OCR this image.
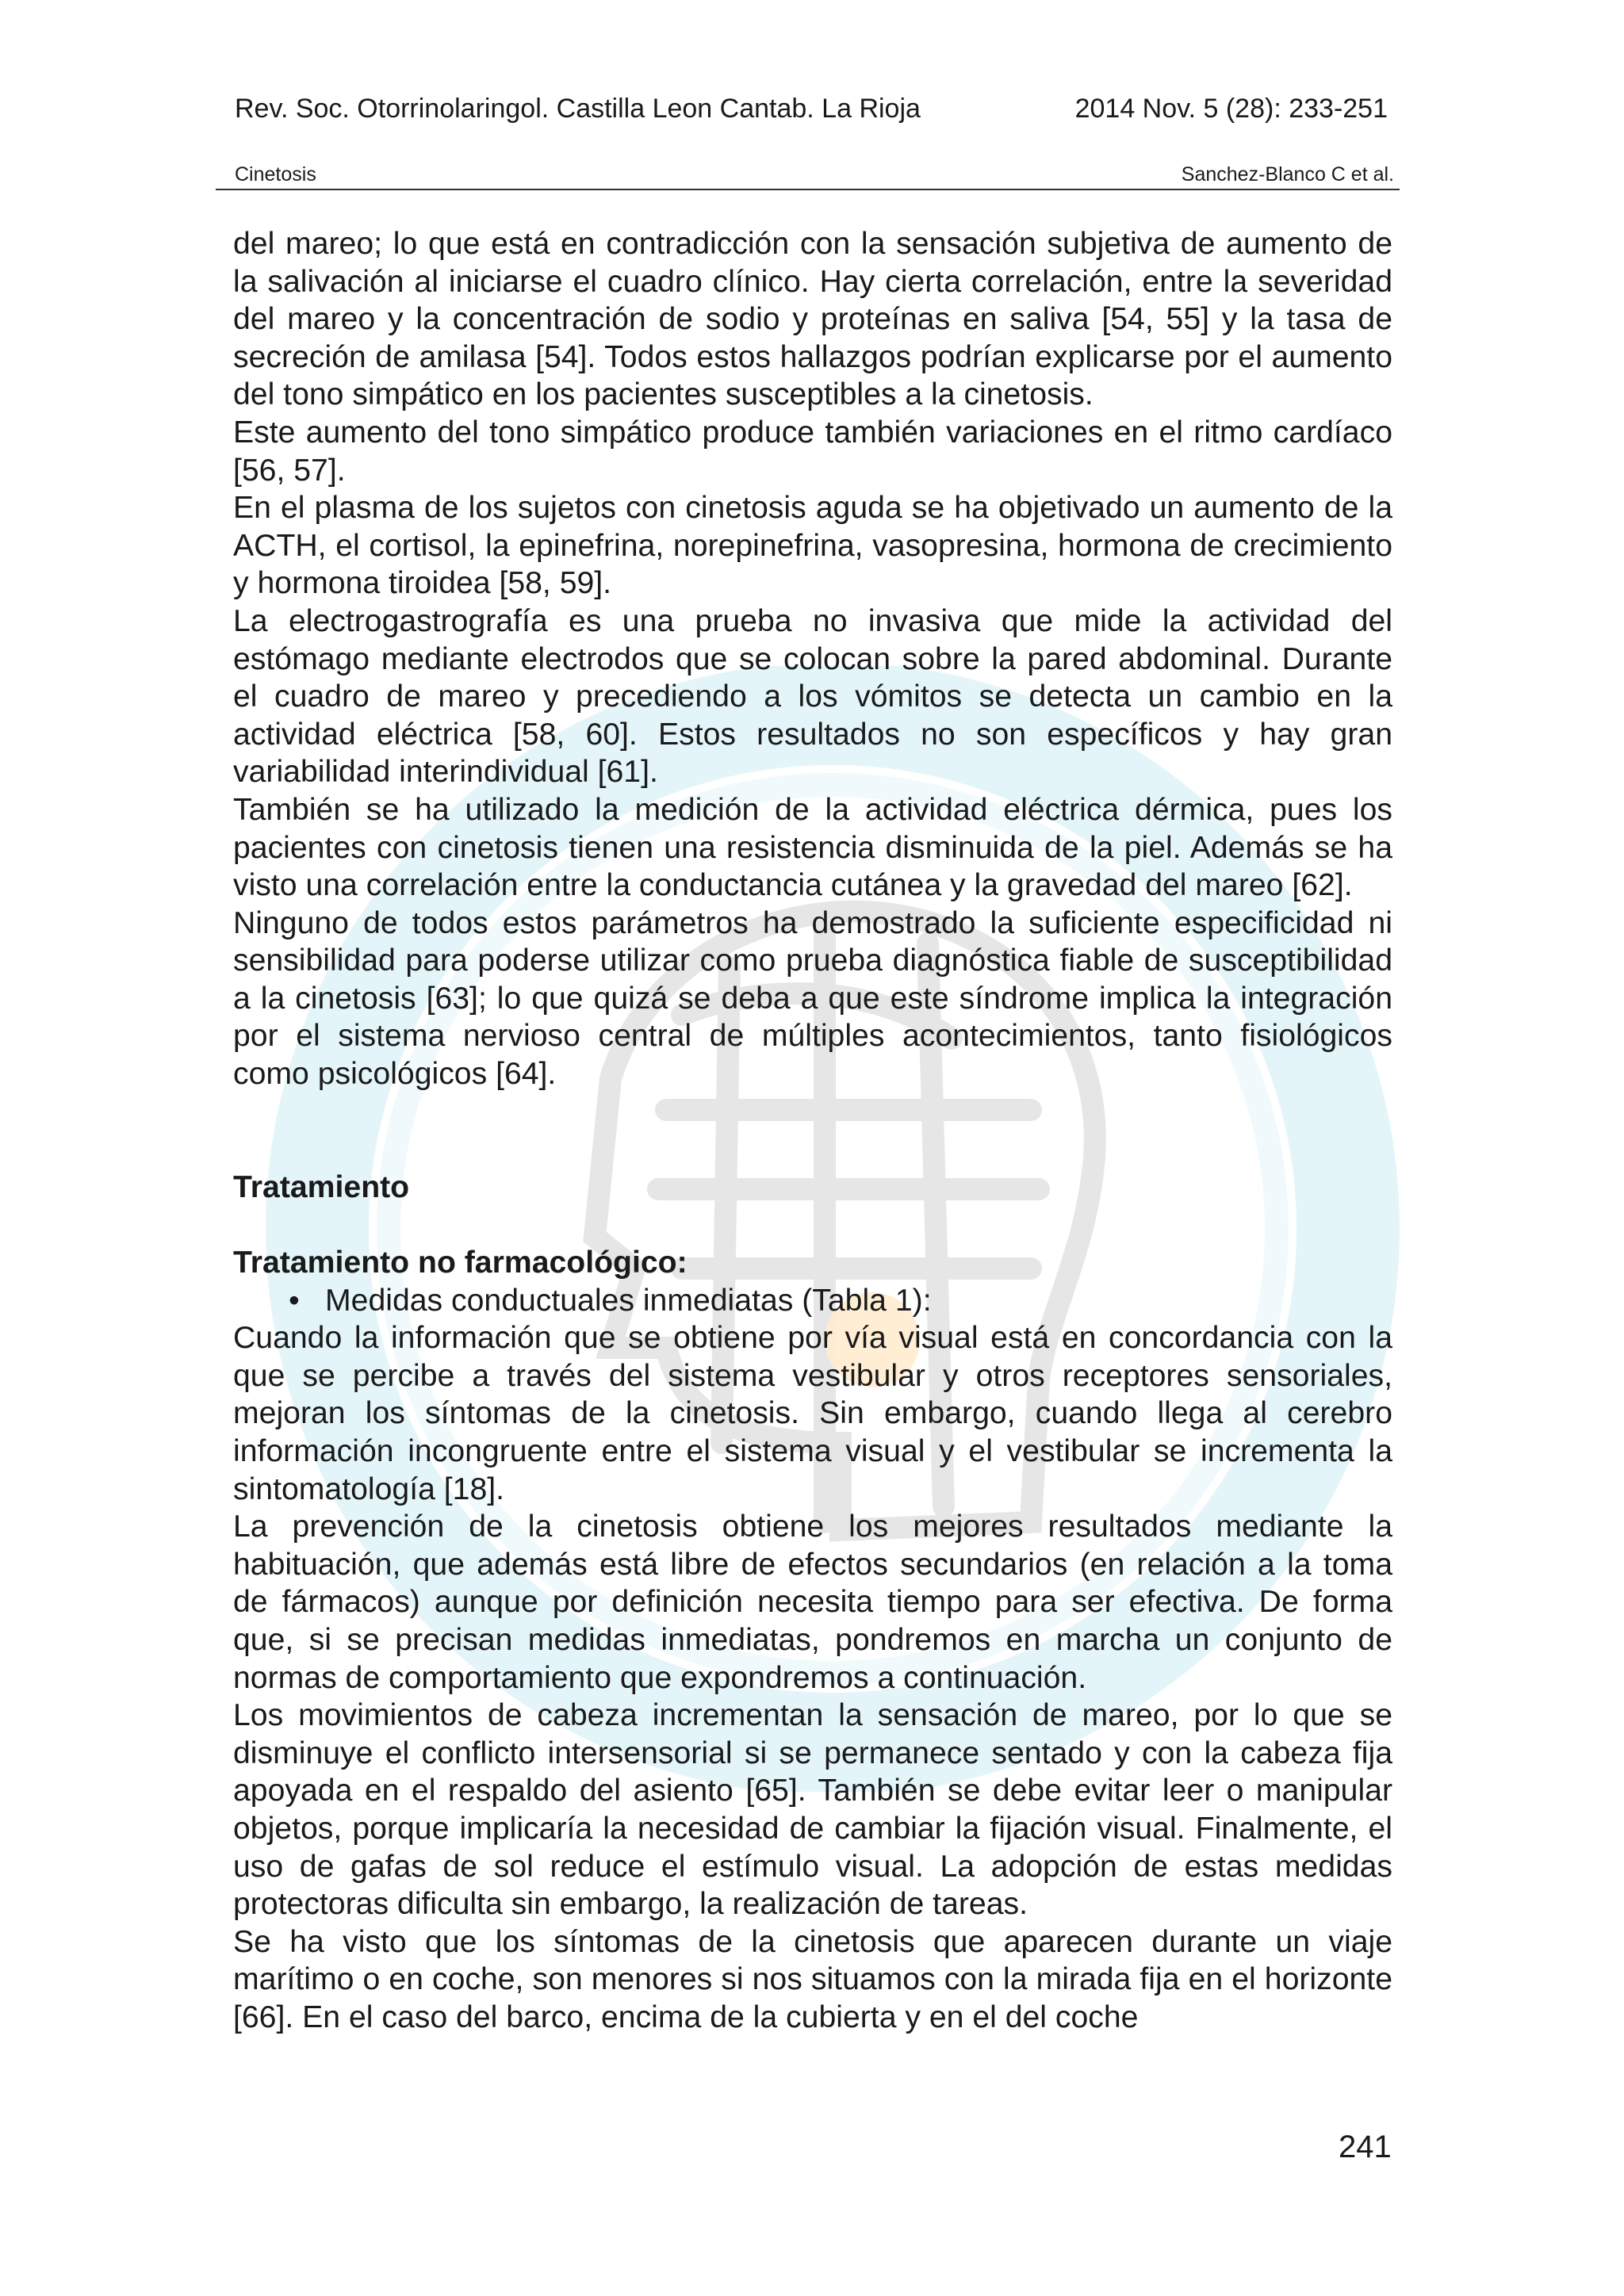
Rev. Soc. Otorrinolaringol. Castilla Leon Cantab. La Rioja	2014 Nov. 5 (28): 233-251
Cinetosis	Sanchez-Blanco C et al.

del mareo; lo que está en contradicción con la sensación subjetiva de aumento de la salivación al iniciarse el cuadro clínico. Hay cierta correlación, entre la severidad del mareo y la concentración de sodio y proteínas en saliva [54, 55] y la tasa de secreción de amilasa [54]. Todos estos hallazgos podrían explicarse por el aumento del tono simpático en los pacientes susceptibles a la cinetosis.

Este aumento del tono simpático produce también variaciones en el ritmo cardíaco [56, 57].

En el plasma de los sujetos con cinetosis aguda se ha objetivado un aumento de la ACTH, el cortisol, la epinefrina, norepinefrina, vasopresina, hormona de crecimiento y hormona tiroidea [58, 59].

La electrogastrografía es una prueba no invasiva que mide la actividad del estómago mediante electrodos que se colocan sobre la pared abdominal. Durante el cuadro de mareo y precediendo a los vómitos se detecta un cambio en la actividad eléctrica [58, 60]. Estos resultados no son específicos y hay gran variabilidad interindividual [61].

También se ha utilizado la medición de la actividad eléctrica dérmica, pues los pacientes con cinetosis tienen una resistencia disminuida de la piel. Además se ha visto una correlación entre la conductancia cutánea y la gravedad del mareo [62].

Ninguno de todos estos parámetros ha demostrado la suficiente especificidad ni sensibilidad para poderse utilizar como prueba diagnóstica fiable de susceptibilidad a la cinetosis [63]; lo que quizá se deba a que este síndrome implica la integración por el sistema nervioso central de múltiples acontecimientos, tanto fisiológicos como psicológicos [64].

Tratamiento

Tratamiento no farmacológico:

• Medidas conductuales inmediatas (Tabla 1):

Cuando la información que se obtiene por vía visual está en concordancia con la que se percibe a través del sistema vestibular y otros receptores sensoriales, mejoran los síntomas de la cinetosis. Sin embargo, cuando llega al cerebro información incongruente entre el sistema visual y el vestibular se incrementa la sintomatología [18].

La prevención de la cinetosis obtiene los mejores resultados mediante la habituación, que además está libre de efectos secundarios (en relación a la toma de fármacos) aunque por definición necesita tiempo para ser efectiva. De forma que, si se precisan medidas inmediatas, pondremos en marcha un conjunto de normas de comportamiento que expondremos a continuación.

Los movimientos de cabeza incrementan la sensación de mareo, por lo que se disminuye el conflicto intersensorial si se permanece sentado y con la cabeza fija apoyada en el respaldo del asiento [65]. También se debe evitar leer o manipular objetos, porque implicaría la necesidad de cambiar la fijación visual. Finalmente, el uso de gafas de sol reduce el estímulo visual. La adopción de estas medidas protectoras dificulta sin embargo, la realización de tareas.

Se ha visto que los síntomas de la cinetosis que aparecen durante un viaje marítimo o en coche, son menores si nos situamos con la mirada fija en el horizonte [66]. En el caso del barco, encima de la cubierta y en el del coche

241
